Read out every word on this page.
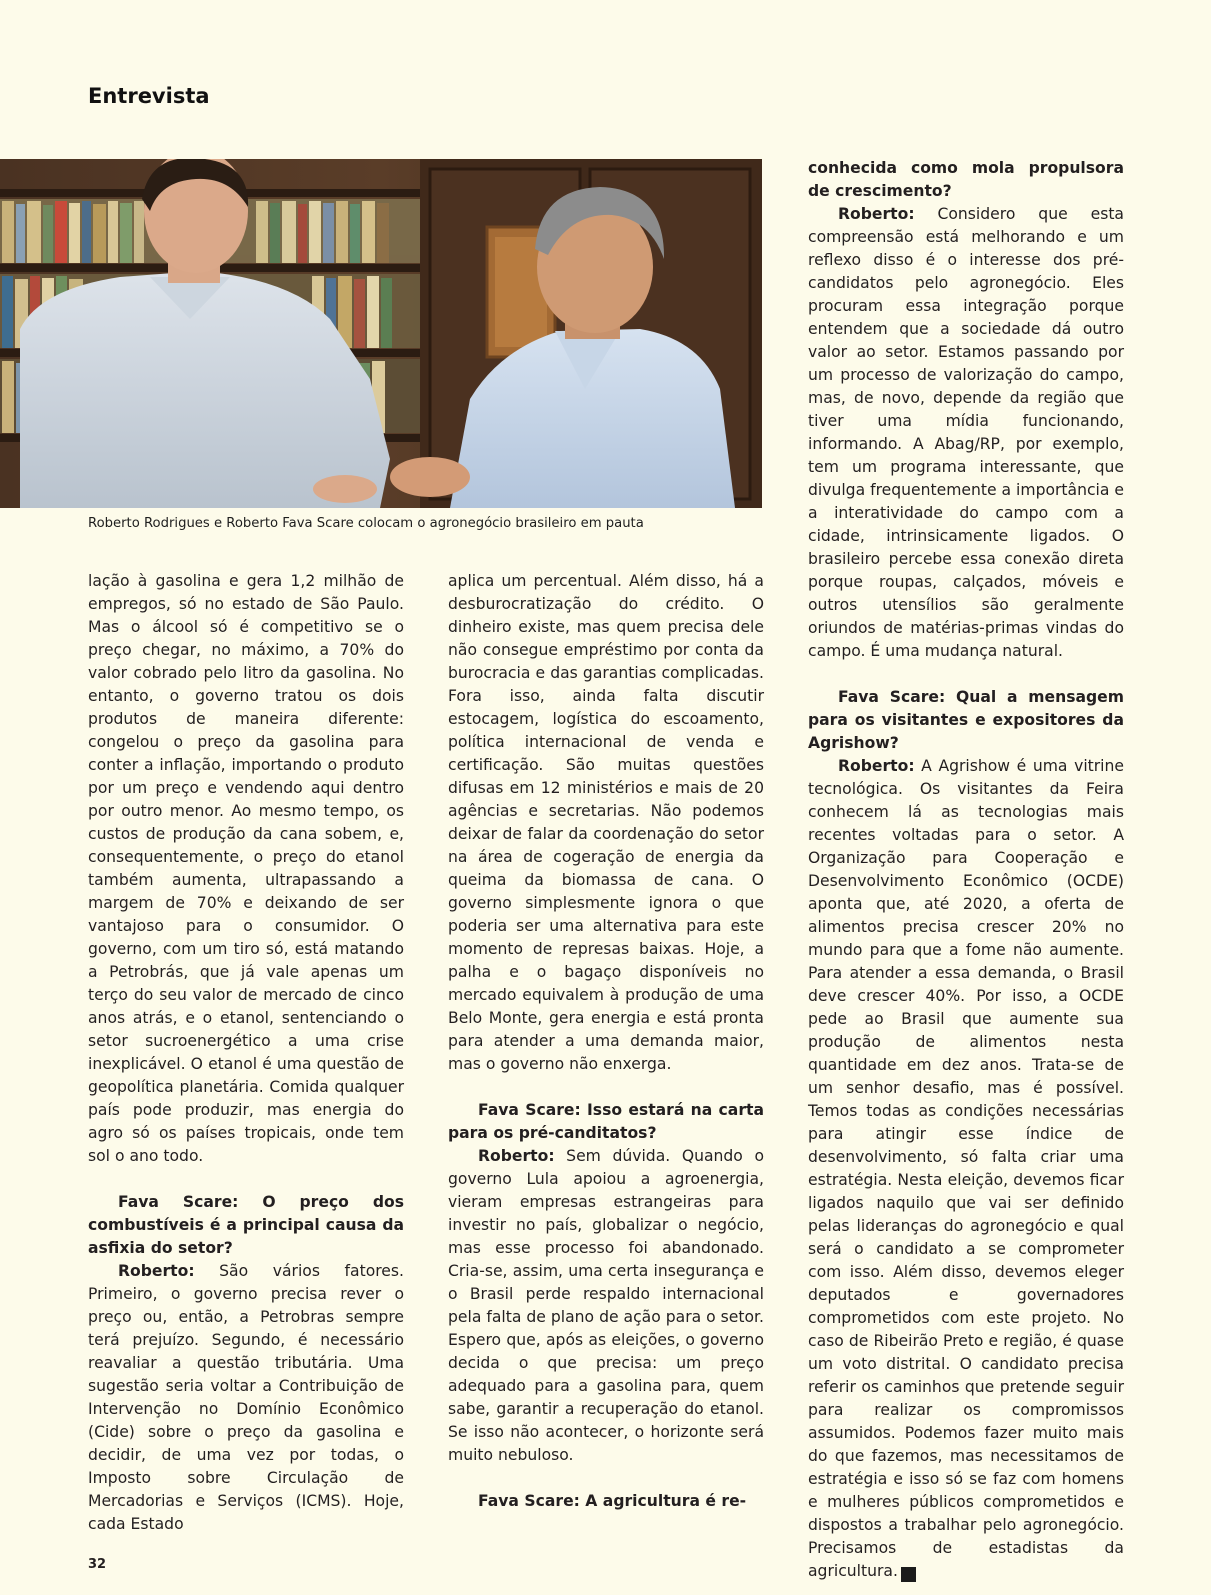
Entrevista
Roberto Rodrigues e Roberto Fava Scare colocam o agronegócio brasileiro em pauta

lação à gasolina e gera 1,2 milhão de empregos, só no estado de São Paulo. Mas o álcool só é competitivo se o preço chegar, no máximo, a 70% do valor cobrado pelo litro da gasolina. No entanto, o governo tratou os dois produtos de maneira diferente: congelou o preço da gasolina para conter a inflação, importando o produto por um preço e vendendo aqui dentro por outro menor. Ao mesmo tempo, os custos de produção da cana sobem, e, consequentemente, o preço do etanol também aumenta, ultrapassando a margem de 70% e deixando de ser vantajoso para o consumidor. O governo, com um tiro só, está matando a Petrobrás, que já vale apenas um terço do seu valor de mercado de cinco anos atrás, e o etanol, sentenciando o setor sucroenergético a uma crise inexplicável. O etanol é uma questão de geopolítica planetária. Comida qualquer país pode produzir, mas energia do agro só os países tropicais, onde tem sol o ano todo.

Fava Scare: O preço dos combustíveis é a principal causa da asfixia do setor?

Roberto: São vários fatores. Primeiro, o governo precisa rever o preço ou, então, a Petrobras sempre terá prejuízo. Segundo, é necessário reavaliar a questão tributária. Uma sugestão seria voltar a Contribuição de Intervenção no Domínio Econômico (Cide) sobre o preço da gasolina e decidir, de uma vez por todas, o Imposto sobre Circulação de Mercadorias e Serviços (ICMS). Hoje, cada Estado

aplica um percentual. Além disso, há a desburocratização do crédito. O dinheiro existe, mas quem precisa dele não consegue empréstimo por conta da burocracia e das garantias complicadas. Fora isso, ainda falta discutir estocagem, logística do escoamento, política internacional de venda e certificação. São muitas questões difusas em 12 ministérios e mais de 20 agências e secretarias. Não podemos deixar de falar da coordenação do setor na área de cogeração de energia da queima da biomassa de cana. O governo simplesmente ignora o que poderia ser uma alternativa para este momento de represas baixas. Hoje, a palha e o bagaço disponíveis no mercado equivalem à produção de uma Belo Monte, gera energia e está pronta para atender a uma demanda maior, mas o governo não enxerga.

Fava Scare: Isso estará na carta para os pré-canditatos?

Roberto: Sem dúvida. Quando o governo Lula apoiou a agroenergia, vieram empresas estrangeiras para investir no país, globalizar o negócio, mas esse processo foi abandonado. Cria-se, assim, uma certa insegurança e o Brasil perde respaldo internacional pela falta de plano de ação para o setor. Espero que, após as eleições, o governo decida o que precisa: um preço adequado para a gasolina para, quem sabe, garantir a recuperação do etanol. Se isso não acontecer, o horizonte será muito nebuloso.

Fava Scare: A agricultura é re-

conhecida como mola propulsora de crescimento?

Roberto: Considero que esta compreensão está melhorando e um reflexo disso é o interesse dos pré-candidatos pelo agronegócio. Eles procuram essa integração porque entendem que a sociedade dá outro valor ao setor. Estamos passando por um processo de valorização do campo, mas, de novo, depende da região que tiver uma mídia funcionando, informando. A Abag/RP, por exemplo, tem um programa interessante, que divulga frequentemente a importância e a interatividade do campo com a cidade, intrinsicamente ligados. O brasileiro percebe essa conexão direta porque roupas, calçados, móveis e outros utensílios são geralmente oriundos de matérias-primas vindas do campo. É uma mudança natural.

Fava Scare: Qual a mensagem para os visitantes e expositores da Agrishow?

Roberto: A Agrishow é uma vitrine tecnológica. Os visitantes da Feira conhecem lá as tecnologias mais recentes voltadas para o setor. A Organização para Cooperação e Desenvolvimento Econômico (OCDE) aponta que, até 2020, a oferta de alimentos precisa crescer 20% no mundo para que a fome não aumente. Para atender a essa demanda, o Brasil deve crescer 40%. Por isso, a OCDE pede ao Brasil que aumente sua produção de alimentos nesta quantidade em dez anos. Trata-se de um senhor desafio, mas é possível. Temos todas as condições necessárias para atingir esse índice de desenvolvimento, só falta criar uma estratégia. Nesta eleição, devemos ficar ligados naquilo que vai ser definido pelas lideranças do agronegócio e qual será o candidato a se comprometer com isso. Além disso, devemos eleger deputados e governadores comprometidos com este projeto. No caso de Ribeirão Preto e região, é quase um voto distrital. O candidato precisa referir os caminhos que pretende seguir para realizar os compromissos assumidos. Podemos fazer muito mais do que fazemos, mas necessitamos de estratégia e isso só se faz com homens e mulheres públicos comprometidos e dispostos a trabalhar pelo agronegócio. Precisamos de estadistas da agricultura.	r

32
